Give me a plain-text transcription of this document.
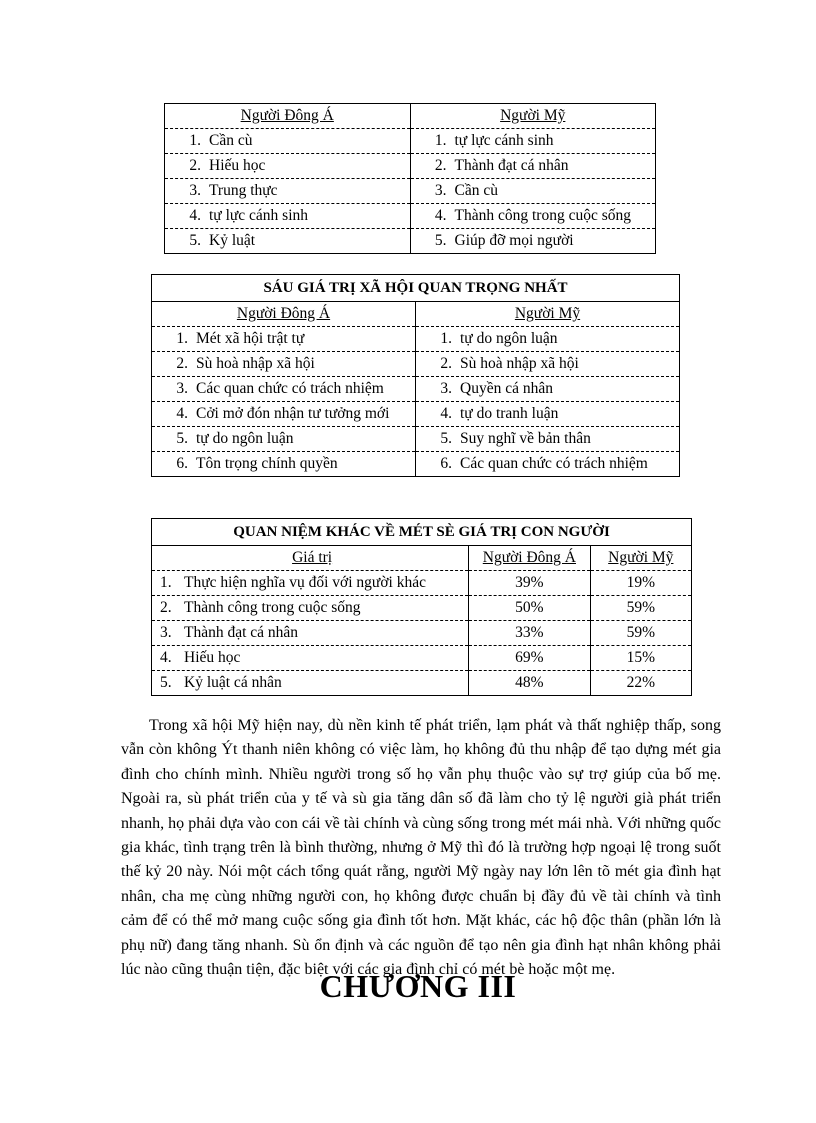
Người Đông Á	Người Mỹ
1. Cần cù	1. tự lực cánh sinh
2. Hiếu học	2. Thành đạt cá nhân
3. Trung thực	3. Cần cù
4. tự lực cánh sinh	4. Thành công trong cuộc sống
5. Kỷ luật	5. Giúp đỡ mọi người
SÁU GIÁ TRỊ XÃ HỘI QUAN TRỌNG NHẤT	
Người Đông Á	Người Mỹ
1. Mét xã hội trật tự	1. tự do ngôn luận
2. Sù hoà nhập xã hội	2. Sù hoà nhập xã hội
3. Các quan chức có trách nhiệm	3. Quyền cá nhân
4. Cởi mở đón nhận tư tưởng mới	4. tự do tranh luận
5. tự do ngôn luận	5. Suy nghĩ về bản thân
6. Tôn trọng chính quyền	6. Các quan chức có trách nhiệm
QUAN NIỆM KHÁC VỀ MÉT SÈ GIÁ TRỊ CON NGƯỜI		
Giá trị	Người Đông Á	Người Mỹ
1. Thực hiện nghĩa vụ đối với người khác	39%	19%
2. Thành công trong cuộc sống	50%	59%
3. Thành đạt cá nhân	33%	59%
4. Hiếu học	69%	15%
5. Kỷ luật cá nhân	48%	22%

Trong xã hội Mỹ hiện nay, dù nền kinh tế phát triển, lạm phát và thất nghiệp thấp, song vẫn còn không Ýt thanh niên không có việc làm, họ không đủ thu nhập để tạo dựng mét gia đình cho chính mình. Nhiều người trong số họ vẫn phụ thuộc vào sự trợ giúp của bố mẹ. Ngoài ra, sù phát triển của y tế và sù gia tăng dân số đã làm cho tỷ lệ người già phát triển nhanh, họ phải dựa vào con cái về tài chính và cùng sống trong mét mái nhà. Với những quốc gia khác, tình trạng trên là bình thường, nhưng ở Mỹ thì đó là trường hợp ngoại lệ trong suốt thế kỷ 20 này. Nói một cách tổng quát rằng, người Mỹ ngày nay lớn lên tõ mét gia đình hạt nhân, cha mẹ cùng những người con, họ không được chuẩn bị đầy đủ về tài chính và tình cảm để có thể mở mang cuộc sống gia đình tốt hơn. Mặt khác, các hộ độc thân (phần lớn là phụ nữ) đang tăng nhanh. Sù ổn định và các nguồn để tạo nên gia đình hạt nhân không phải lúc nào cũng thuận tiện, đặc biệt với các gia đình chỉ có mét bè hoặc một mẹ.

CHƯƠNG III
